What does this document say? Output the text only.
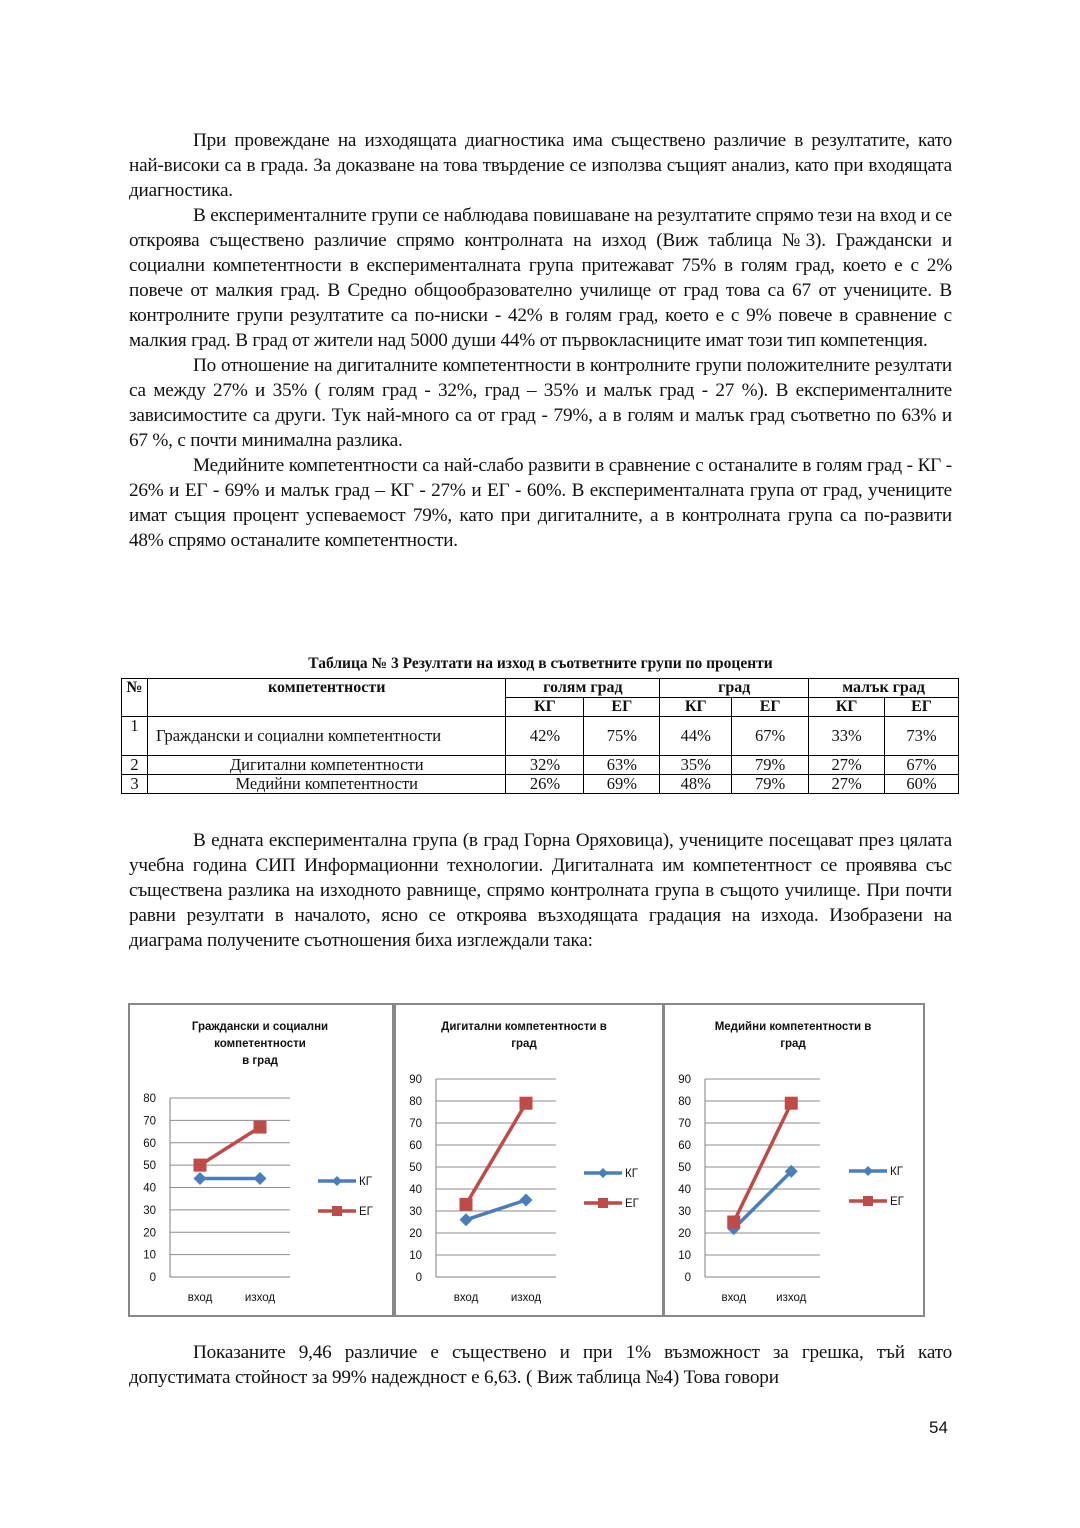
При провеждане на изходящата диагностика има съществено различие в резултатите, като най-високи са в града. За доказване на това твърдение се използва същият анализ, като при входящата диагностика.

В експерименталните групи се наблюдава повишаване на резултатите спрямо тези на вход и се откроява съществено различие спрямо контролната на изход (Виж таблица №3). Граждански и социални компетентности в експерименталната група притежават 75% в голям град, което е с 2% повече от малкия град. В Средно общообразователно училище от град това са 67 от учениците. В контролните групи резултатите са по-ниски - 42% в голям град, което е с 9% повече в сравнение с малкия град. В град от жители над 5000 души 44% от първокласниците имат този тип компетенция.

По отношение на дигиталните компетентности в контролните групи положителните резултати са между 27% и 35% ( голям град - 32%, град – 35% и малък град - 27 %). В експерименталните зависимостите са други. Тук най-много са от град - 79%, а в голям и малък град съответно по 63% и 67 %, с почти минимална разлика.

Медийните компетентности са най-слабо развити в сравнение с останалите в голям град - КГ - 26% и ЕГ - 69% и малък град – КГ - 27% и ЕГ - 60%. В експерименталната група от град, учениците имат същия процент успеваемост 79%, като при дигиталните, а в контролната група са по-развити 48% спрямо останалите компетентности.

Таблица № 3 Резултати на изход в съответните групи по проценти
№	компетентности	голям град		град		малък град	
		КГ	ЕГ	КГ	ЕГ	КГ	ЕГ
1	Граждански и социални компетентности	42%	75%	44%	67%	33%	73%
2	Дигитални компетентности	32%	63%	35%	79%	27%	67%
3	Медийни компетентности	26%	69%	48%	79%	27%	60%

В едната експериментална група (в град Горна Оряховица), учениците посещават през цялата учебна година СИП Информационни технологии. Дигиталната им компетентност се проявява със съществена разлика на изходното равнище, спрямо контролната група в същото училище. При почти равни резултати в началото, ясно се откроява възходящата градация на изхода. Изобразени на диаграма получените съотношения биха изглеждали така:

Граждански и социални
компетентности
в град
0
10
20
30
40
50
60
70
80
вход	изход
КГ
ЕГ
Дигитални компетентности в
град
0
10
20
30
40
50
60
70
80
90
вход	изход
КГ
ЕГ
Медийни компетентности в
град
0
10
20
30
40
50
60
70
80
90
вход	изход
КГ
ЕГ

Показаните 9,46 различие е съществено и при 1% възможност за грешка, тъй като допустимата стойност за 99% надеждност е 6,63. ( Виж таблица №4) Това говори

54
